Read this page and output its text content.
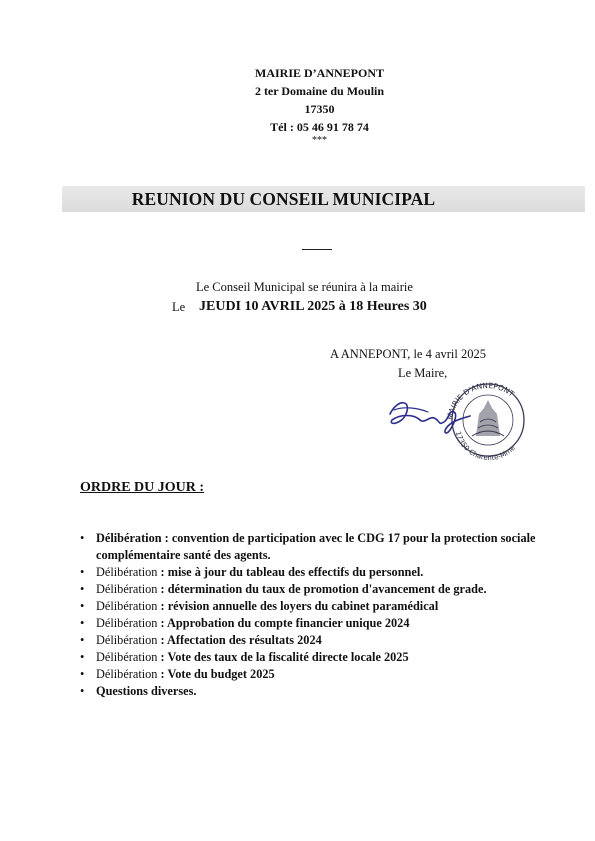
MAIRIE D’ANNEPONT
2 ter Domaine du Moulin
17350
Tél : 05 46 91 78 74
***
REUNION DU CONSEIL MUNICIPAL
Le Conseil Municipal se réunira à la mairie
Le JEUDI 10 AVRIL 2025 à 18 Heures 30
A ANNEPONT, le 4 avril 2025
Le Maire,
MAIRIE D'ANNEPONT
17350 Charente-Mme
ORDRE DU JOUR :
• Délibération : convention de participation avec le CDG 17 pour la protection sociale complémentaire santé des agents.
• Délibération : mise à jour du tableau des effectifs du personnel.
• Délibération : détermination du taux de promotion d'avancement de grade.
• Délibération : révision annuelle des loyers du cabinet paramédical
• Délibération : Approbation du compte financier unique 2024
• Délibération : Affectation des résultats 2024
• Délibération : Vote des taux de la fiscalité directe locale 2025
• Délibération : Vote du budget 2025
• Questions diverses.
